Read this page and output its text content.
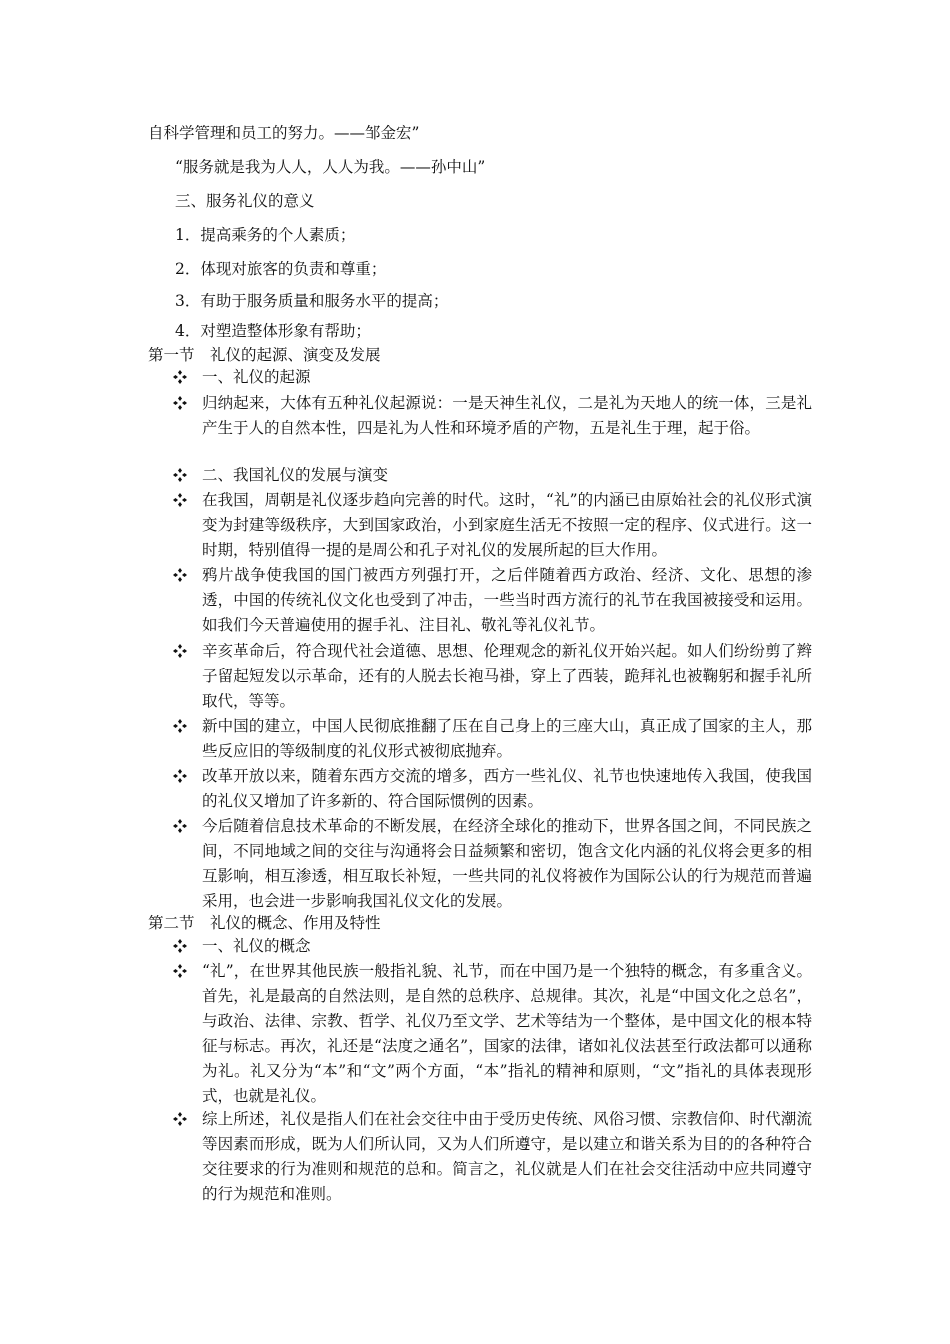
自科学管理和员工的努力。——邹金宏”
“服务就是我为人人，人人为我。——孙中山”
三、服务礼仪的意义
1．提高乘务的个人素质；
2．体现对旅客的负责和尊重；
3．有助于服务质量和服务水平的提高；
4．对塑造整体形象有帮助；
第一节　礼仪的起源、演变及发展
一、礼仪的起源
归纳起来，大体有五种礼仪起源说：一是天神生礼仪，二是礼为天地人的统一体，三是礼产生于人的自然本性，四是礼为人性和环境矛盾的产物，五是礼生于理，起于俗。
二、我国礼仪的发展与演变
在我国，周朝是礼仪逐步趋向完善的时代。这时，“礼”的内涵已由原始社会的礼仪形式演变为封建等级秩序，大到国家政治，小到家庭生活无不按照一定的程序、仪式进行。这一时期，特别值得一提的是周公和孔子对礼仪的发展所起的巨大作用。
鸦片战争使我国的国门被西方列强打开，之后伴随着西方政治、经济、文化、思想的渗透，中国的传统礼仪文化也受到了冲击，一些当时西方流行的礼节在我国被接受和运用。如我们今天普遍使用的握手礼、注目礼、敬礼等礼仪礼节。
辛亥革命后，符合现代社会道德、思想、伦理观念的新礼仪开始兴起。如人们纷纷剪了辫子留起短发以示革命，还有的人脱去长袍马褂，穿上了西装，跪拜礼也被鞠躬和握手礼所取代，等等。
新中国的建立，中国人民彻底推翻了压在自己身上的三座大山，真正成了国家的主人，那些反应旧的等级制度的礼仪形式被彻底抛弃。
改革开放以来，随着东西方交流的增多，西方一些礼仪、礼节也快速地传入我国，使我国的礼仪又增加了许多新的、符合国际惯例的因素。
今后随着信息技术革命的不断发展，在经济全球化的推动下，世界各国之间，不同民族之间，不同地域之间的交往与沟通将会日益频繁和密切，饱含文化内涵的礼仪将会更多的相互影响，相互渗透，相互取长补短，一些共同的礼仪将被作为国际公认的行为规范而普遍采用，也会进一步影响我国礼仪文化的发展。
第二节　礼仪的概念、作用及特性
一、礼仪的概念
“礼”，在世界其他民族一般指礼貌、礼节，而在中国乃是一个独特的概念，有多重含义。首先，礼是最高的自然法则，是自然的总秩序、总规律。其次，礼是“中国文化之总名”，与政治、法律、宗教、哲学、礼仪乃至文学、艺术等结为一个整体，是中国文化的根本特征与标志。再次，礼还是“法度之通名”，国家的法律，诸如礼仪法甚至行政法都可以通称为礼。礼又分为“本”和“文”两个方面，“本”指礼的精神和原则，“文”指礼的具体表现形式，也就是礼仪。
综上所述，礼仪是指人们在社会交往中由于受历史传统、风俗习惯、宗教信仰、时代潮流等因素而形成，既为人们所认同，又为人们所遵守，是以建立和谐关系为目的的各种符合交往要求的行为准则和规范的总和。简言之，礼仪就是人们在社会交往活动中应共同遵守的行为规范和准则。
